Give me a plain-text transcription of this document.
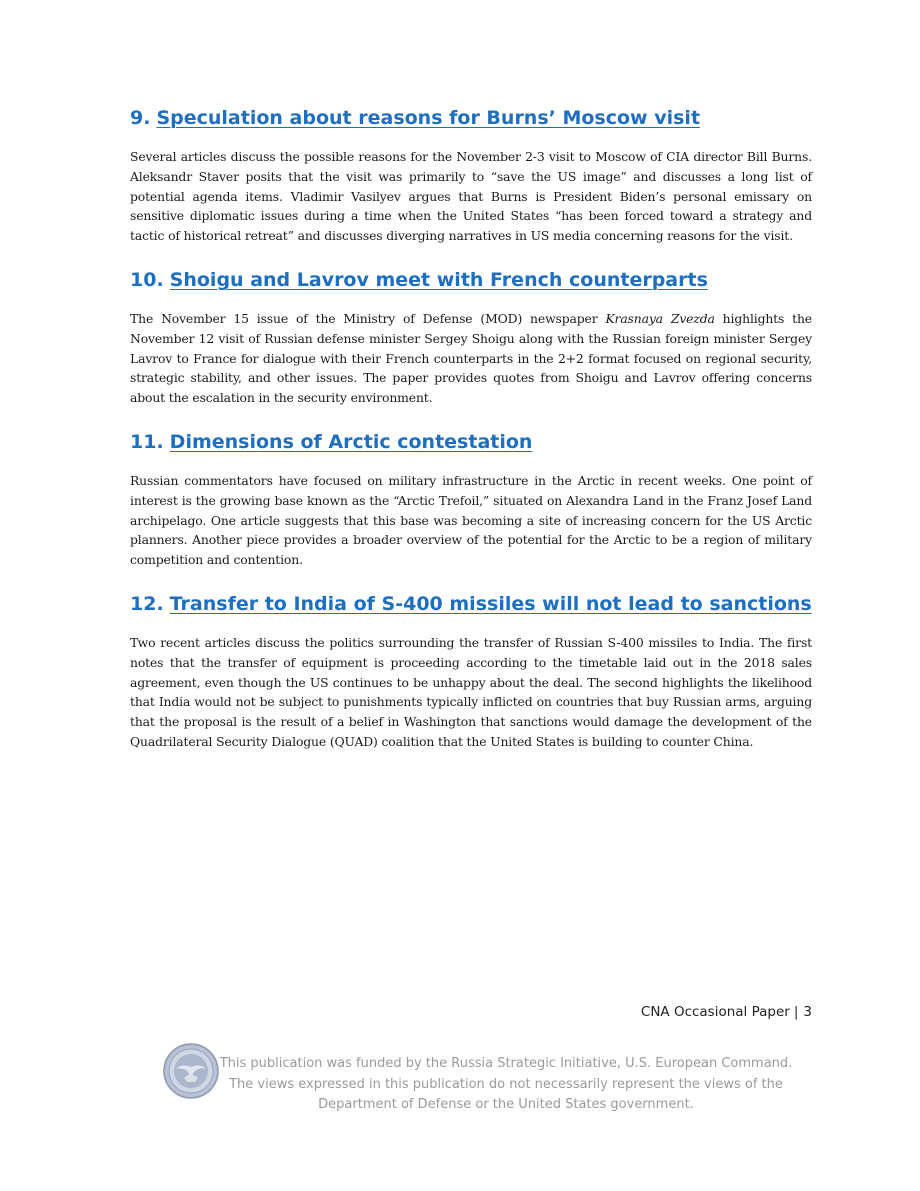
9. Speculation about reasons for Burns’ Moscow visit

Several articles discuss the possible reasons for the November 2-3 visit to Moscow of CIA director Bill Burns. Aleksandr Staver posits that the visit was primarily to “save the US image” and discusses a long list of potential agenda items. Vladimir Vasilyev argues that Burns is President Biden’s personal emissary on sensitive diplomatic issues during a time when the United States “has been forced toward a strategy and tactic of historical retreat” and discusses diverging narratives in US media concerning reasons for the visit.

10. Shoigu and Lavrov meet with French counterparts

The November 15 issue of the Ministry of Defense (MOD) newspaper Krasnaya Zvezda highlights the November 12 visit of Russian defense minister Sergey Shoigu along with the Russian foreign minister Sergey Lavrov to France for dialogue with their French counterparts in the 2+2 format focused on regional security, strategic stability, and other issues. The paper provides quotes from Shoigu and Lavrov offering concerns about the escalation in the security environment.

11. Dimensions of Arctic contestation

Russian commentators have focused on military infrastructure in the Arctic in recent weeks. One point of interest is the growing base known as the “Arctic Trefoil,” situated on Alexandra Land in the Franz Josef Land archipelago. One article suggests that this base was becoming a site of increasing concern for the US Arctic planners. Another piece provides a broader overview of the potential for the Arctic to be a region of military competition and contention.

12. Transfer to India of S-400 missiles will not lead to sanctions

Two recent articles discuss the politics surrounding the transfer of Russian S-400 missiles to India. The first notes that the transfer of equipment is proceeding according to the timetable laid out in the 2018 sales agreement, even though the US continues to be unhappy about the deal. The second highlights the likelihood that India would not be subject to punishments typically inflicted on countries that buy Russian arms, arguing that the proposal is the result of a belief in Washington that sanctions would damage the development of the Quadrilateral Security Dialogue (QUAD) coalition that the United States is building to counter China.

CNA Occasional Paper | 3
This publication was funded by the Russia Strategic Initiative, U.S. European Command. The views expressed in this publication do not necessarily represent the views of the Department of Defense or the United States government.
